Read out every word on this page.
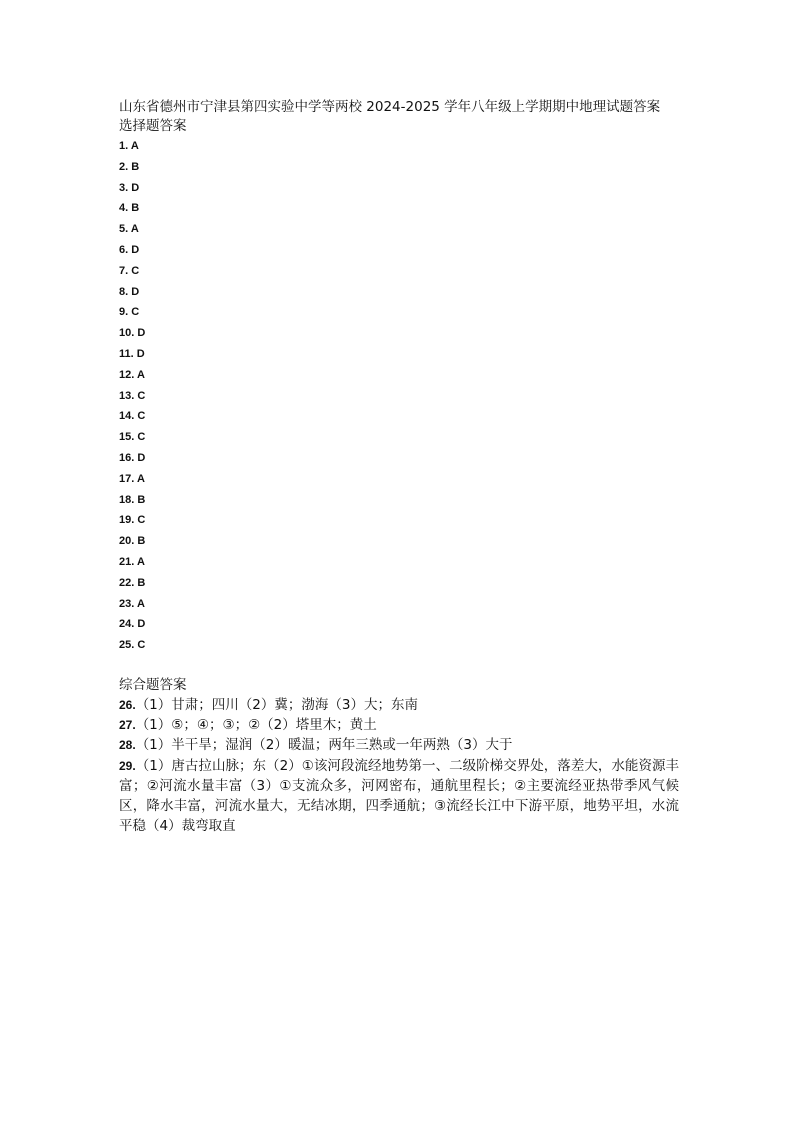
山东省德州市宁津县第四实验中学等两校 2024-2025 学年八年级上学期期中地理试题答案
选择题答案
1. A
2. B
3. D
4. B
5. A
6. D
7. C
8. D
9. C
10. D
11. D
12. A
13. C
14. C
15. C
16. D
17. A
18. B
19. C
20. B
21. A
22. B
23. A
24. D
25. C
综合题答案
26.（1）甘肃；四川（2）冀；渤海（3）大；东南
27.（1）⑤；④；③；②（2）塔里木；黄土
28.（1）半干旱；湿润（2）暖温；两年三熟或一年两熟（3）大于
29.（1）唐古拉山脉；东（2）①该河段流经地势第一、二级阶梯交界处，落差大，水能资源丰富；②河流水量丰富（3）①支流众多，河网密布，通航里程长；②主要流经亚热带季风气候区，降水丰富，河流水量大，无结冰期，四季通航；③流经长江中下游平原，地势平坦，水流平稳（4）裁弯取直
